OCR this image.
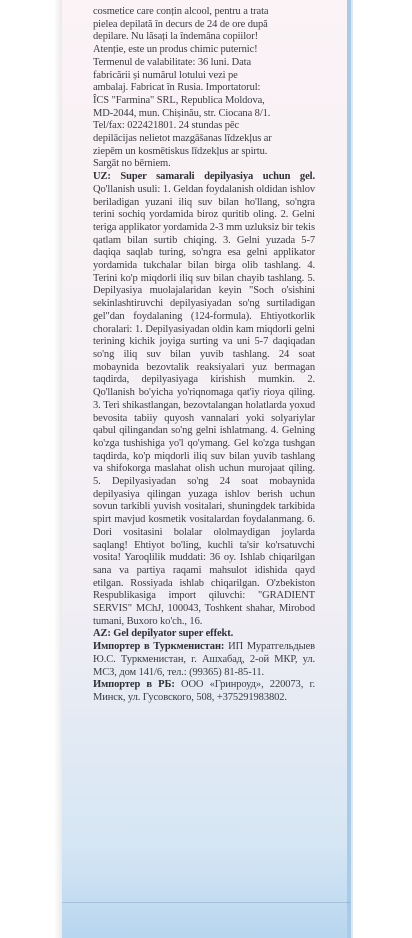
cosmetice care conțin alcool, pentru a trata
pielea depilată în decurs de 24 de ore după
depilare. Nu lăsați la îndemâna copiilor!
Atenție, este un produs chimic puternic!
Termenul de valabilitate: 36 luni. Data
fabricării și numărul lotului vezi pe
ambalaj. Fabricat în Rusia. Importatorul:
ÎCS "Farmina" SRL, Republica Moldova,
MD-2044, mun. Chișinău, str. Ciocana 8/1.
Tel/fax: 022421801. 24 stundas pēc
depilācijas nelietot mazgāšanas līdzekļus ar
ziepēm un kosmētiskus līdzekļus ar spirtu.
Sargāt no bērniem.

UZ: Super samarali depilyasiya uchun gel. Qo'llanish usuli: 1. Geldan foydalanish oldidan ishlov beriladigan yuzani iliq suv bilan ho'llang, so'ngra terini sochiq yordamida biroz quritib oling. 2. Gelni teriga applikator yordamida 2-3 mm uzluksiz bir tekis qatlam bilan surtib chiqing. 3. Gelni yuzada 5-7 daqiqa saqlab turing, so'ngra esa gelni applikator yordamida tukchalar bilan birga olib tashlang. 4. Terini ko'p miqdorli iliq suv bilan chayib tashlang. 5. Depilyasiya muolajalaridan keyin "Soch o'sishini sekinlashtiruvchi depilyasiyadan so'ng surtiladigan gel"dan foydalaning (124-formula). Ehtiyotkorlik choralari: 1. Depilyasiyadan oldin kam miqdorli gelni terining kichik joyiga surting va uni 5-7 daqiqadan so'ng iliq suv bilan yuvib tashlang. 24 soat mobaynida bezovtalik reaksiyalari yuz bermagan taqdirda, depilyasiyaga kirishish mumkin. 2. Qo'llanish bo'yicha yo'riqnomaga qat'iy rioya qiling. 3. Teri shikastlangan, bezovtalangan holatlarda yoxud bevosita tabiiy quyosh vannalari yoki solyariylar qabul qilingandan so'ng gelni ishlatmang. 4. Gelning ko'zga tushishiga yo'l qo'ymang. Gel ko'zga tushgan taqdirda, ko'p miqdorli iliq suv bilan yuvib tashlang va shifokorga maslahat olish uchun murojaat qiling. 5. Depilyasiyadan so'ng 24 soat mobaynida depilyasiya qilingan yuzaga ishlov berish uchun sovun tarkibli yuvish vositalari, shuningdek tarkibida spirt mavjud kosmetik vositalardan foydalanmang. 6. Dori vositasini bolalar ololmaydigan joylarda saqlang! Ehtiyot bo'ling, kuchli ta'sir ko'rsatuvchi vosita! Yaroqlilik muddati: 36 oy. Ishlab chiqarilgan sana va partiya raqami mahsulot idishida qayd etilgan. Rossiyada ishlab chiqarilgan. O'zbekiston Respublikasiga import qiluvchi: "GRADIENT SERVIS" MChJ, 100043, Toshkent shahar, Mirobod tumani, Buxoro ko'ch., 16.

AZ: Gel depilyator super effekt.

Импортер в Туркменистан: ИП Муратгельдыев Ю.С. Туркменистан, г. Ашхабад, 2-ой МКР, ул. МСЗ, дом 141/6, тел.: (99365) 81-85-11.

Импортер в РБ: ООО «Гринроуд», 220073, г. Минск, ул. Гусовского, 508, +375291983802.
